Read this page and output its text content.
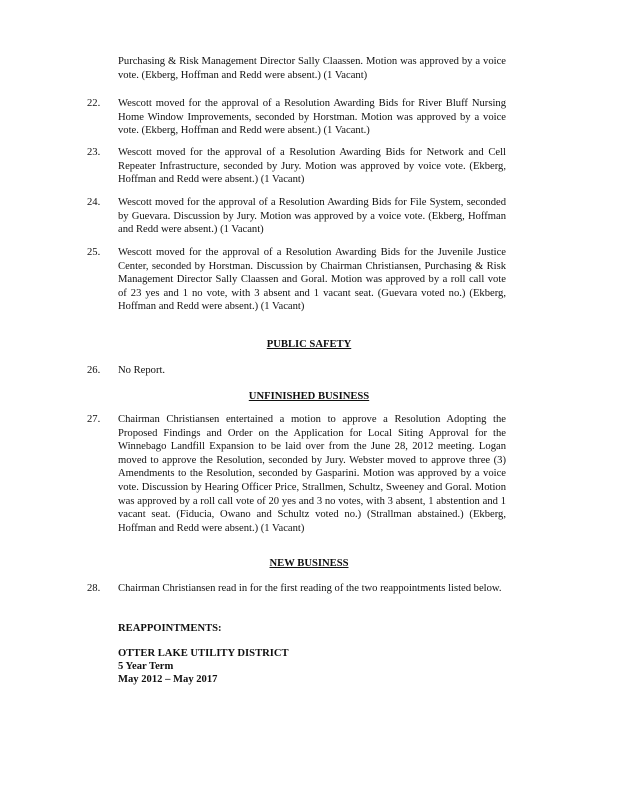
Purchasing & Risk Management Director Sally Claassen. Motion was approved by a voice vote. (Ekberg, Hoffman and Redd were absent.) (1 Vacant)
22.	Wescott moved for the approval of a Resolution Awarding Bids for River Bluff Nursing Home Window Improvements, seconded by Horstman. Motion was approved by a voice vote. (Ekberg, Hoffman and Redd were absent.) (1 Vacant.)
23.	Wescott moved for the approval of a Resolution Awarding Bids for Network and Cell Repeater Infrastructure, seconded by Jury. Motion was approved by voice vote. (Ekberg, Hoffman and Redd were absent.) (1 Vacant)
24.	Wescott moved for the approval of a Resolution Awarding Bids for File System, seconded by Guevara. Discussion by Jury. Motion was approved by a voice vote. (Ekberg, Hoffman and Redd were absent.) (1 Vacant)
25.	Wescott moved for the approval of a Resolution Awarding Bids for the Juvenile Justice Center, seconded by Horstman. Discussion by Chairman Christiansen, Purchasing & Risk Management Director Sally Claassen and Goral. Motion was approved by a roll call vote of 23 yes and 1 no vote, with 3 absent and 1 vacant seat. (Guevara voted no.) (Ekberg, Hoffman and Redd were absent.) (1 Vacant)
PUBLIC SAFETY
26.	No Report.
UNFINISHED BUSINESS
27.	Chairman Christiansen entertained a motion to approve a Resolution Adopting the Proposed Findings and Order on the Application for Local Siting Approval for the Winnebago Landfill Expansion to be laid over from the June 28, 2012 meeting. Logan moved to approve the Resolution, seconded by Jury. Webster moved to approve three (3) Amendments to the Resolution, seconded by Gasparini. Motion was approved by a voice vote. Discussion by Hearing Officer Price, Strallmen, Schultz, Sweeney and Goral. Motion was approved by a roll call vote of 20 yes and 3 no votes, with 3 absent, 1 abstention and 1 vacant seat. (Fiducia, Owano and Schultz voted no.) (Strallman abstained.) (Ekberg, Hoffman and Redd were absent.) (1 Vacant)
NEW BUSINESS
28.	Chairman Christiansen read in for the first reading of the two reappointments listed below.
REAPPOINTMENTS:
OTTER LAKE UTILITY DISTRICT
5 Year Term
May 2012 – May 2017
